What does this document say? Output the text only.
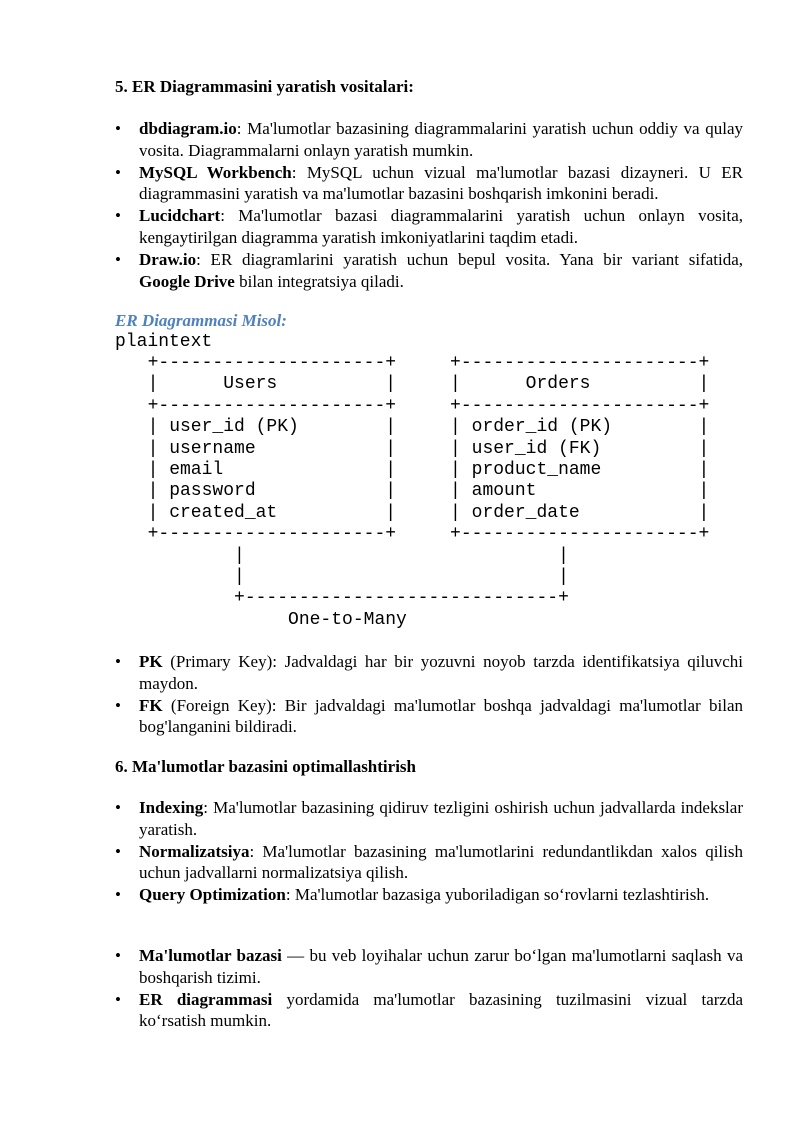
5. ER Diagrammasini yaratish vositalari:
• dbdiagram.io: Ma'lumotlar bazasining diagrammalarini yaratish uchun oddiy va qulay vosita. Diagrammalarni onlayn yaratish mumkin.
• MySQL Workbench: MySQL uchun vizual ma'lumotlar bazasi dizayneri. U ER diagrammasini yaratish va ma'lumotlar bazasini boshqarish imkonini beradi.
• Lucidchart: Ma'lumotlar bazasi diagrammalarini yaratish uchun onlayn vosita, kengaytirilgan diagramma yaratish imkoniyatlarini taqdim etadi.
• Draw.io: ER diagramlarini yaratish uchun bepul vosita. Yana bir variant sifatida, Google Drive bilan integratsiya qiladi.
ER Diagrammasi Misol:
plaintext
+---------------------+     +----------------------+
|      Users          |     |      Orders          |
+---------------------+     +----------------------+
| user_id (PK)        |     | order_id (PK)        |
| username            |     | user_id (FK)         |
| email               |     | product_name         |
| password            |     | amount               |
| created_at          |     | order_date           |
+---------------------+     +----------------------+
|                             |
|                             |
+-----------------------------+
One-to-Many
• PK (Primary Key): Jadvaldagi har bir yozuvni noyob tarzda identifikatsiya qiluvchi maydon.
• FK (Foreign Key): Bir jadvaldagi ma'lumotlar boshqa jadvaldagi ma'lumotlar bilan bog'langanini bildiradi.
6. Ma'lumotlar bazasini optimallashtirish
• Indexing: Ma'lumotlar bazasining qidiruv tezligini oshirish uchun jadvallarda indekslar yaratish.
• Normalizatsiya: Ma'lumotlar bazasining ma'lumotlarini redundantlikdan xalos qilish uchun jadvallarni normalizatsiya qilish.
• Query Optimization: Ma'lumotlar bazasiga yuboriladigan so‘rovlarni tezlashtirish.
• Ma'lumotlar bazasi — bu veb loyihalar uchun zarur bo‘lgan ma'lumotlarni saqlash va boshqarish tizimi.
• ER diagrammasi yordamida ma'lumotlar bazasining tuzilmasini vizual tarzda ko‘rsatish mumkin.
